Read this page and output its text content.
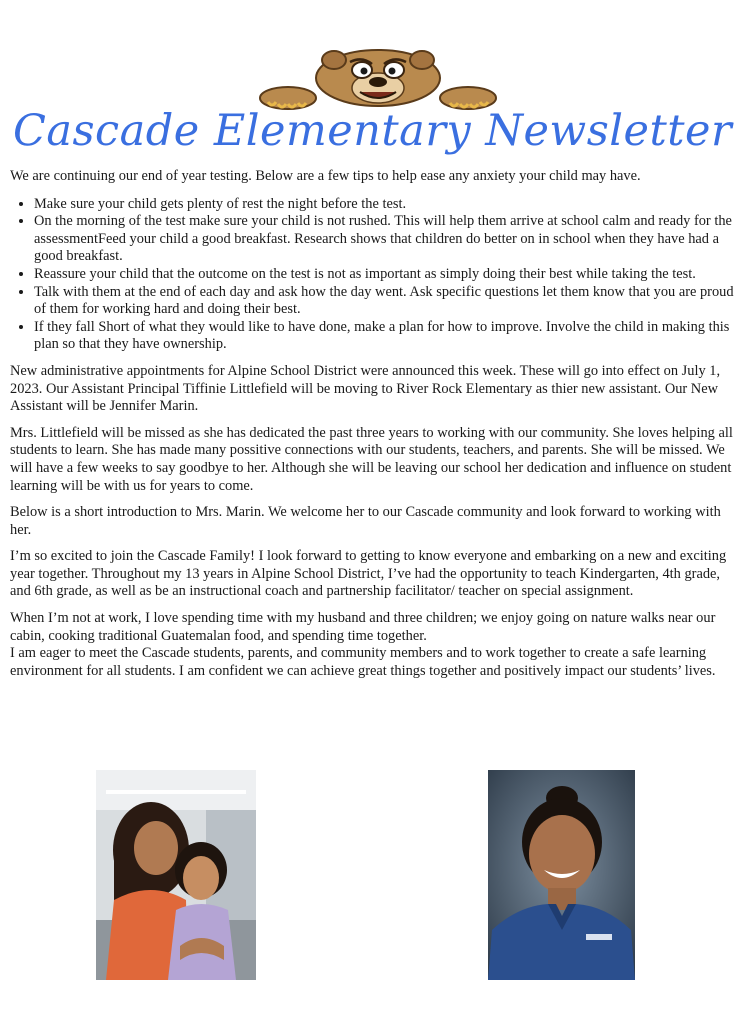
Cascade Elementary Newsletter

We are continuing our end of year testing. Below are a few tips to help ease any anxiety your child may have.

• Make sure your child gets plenty of rest the night before the test.
• On the morning of the test make sure your child is not rushed. This will help them arrive at school calm and ready for the assessmentFeed your child a good breakfast. Research shows that children do better on in school when they have had a good breakfast.
• Reassure your child that the outcome on the test is not as important as simply doing their best while taking the test.
• Talk with them at the end of each day and ask how the day went. Ask specific questions let them know that you are proud of them for working hard and doing their best.
• If they fall Short of what they would like to have done, make a plan for how to improve. Involve the child in making this plan so that they have ownership.

New administrative appointments for Alpine School District were announced this week. These will go into effect on July 1, 2023. Our Assistant Principal Tiffinie Littlefield will be moving to River Rock Elementary as thier new assistant. Our New Assistant will be Jennifer Marin.

Mrs. Littlefield will be missed as she has dedicated the past three years to working with our community. She loves helping all students to learn. She has made many possitive connections with our students, teachers, and parents. She will be missed. We will have a few weeks to say goodbye to her. Although she will be leaving our school her dedication and influence on student learning will be with us for years to come.

Below is a short introduction to Mrs. Marin. We welcome her to our Cascade community and look forward to working with her.

I’m so excited to join the Cascade Family! I look forward to getting to know everyone and embarking on a new and exciting year together. Throughout my 13 years in Alpine School District, I’ve had the opportunity to teach Kindergarten, 4th grade, and 6th grade, as well as be an instructional coach and partnership facilitator/ teacher on special assignment.

When I’m not at work, I love spending time with my husband and three children; we enjoy going on nature walks near our cabin, cooking traditional Guatemalan food, and spending time together.

I am eager to meet the Cascade students, parents, and community members and to work together to create a safe learning environment for all students. I am confident we can achieve great things together and positively impact our students’ lives.
